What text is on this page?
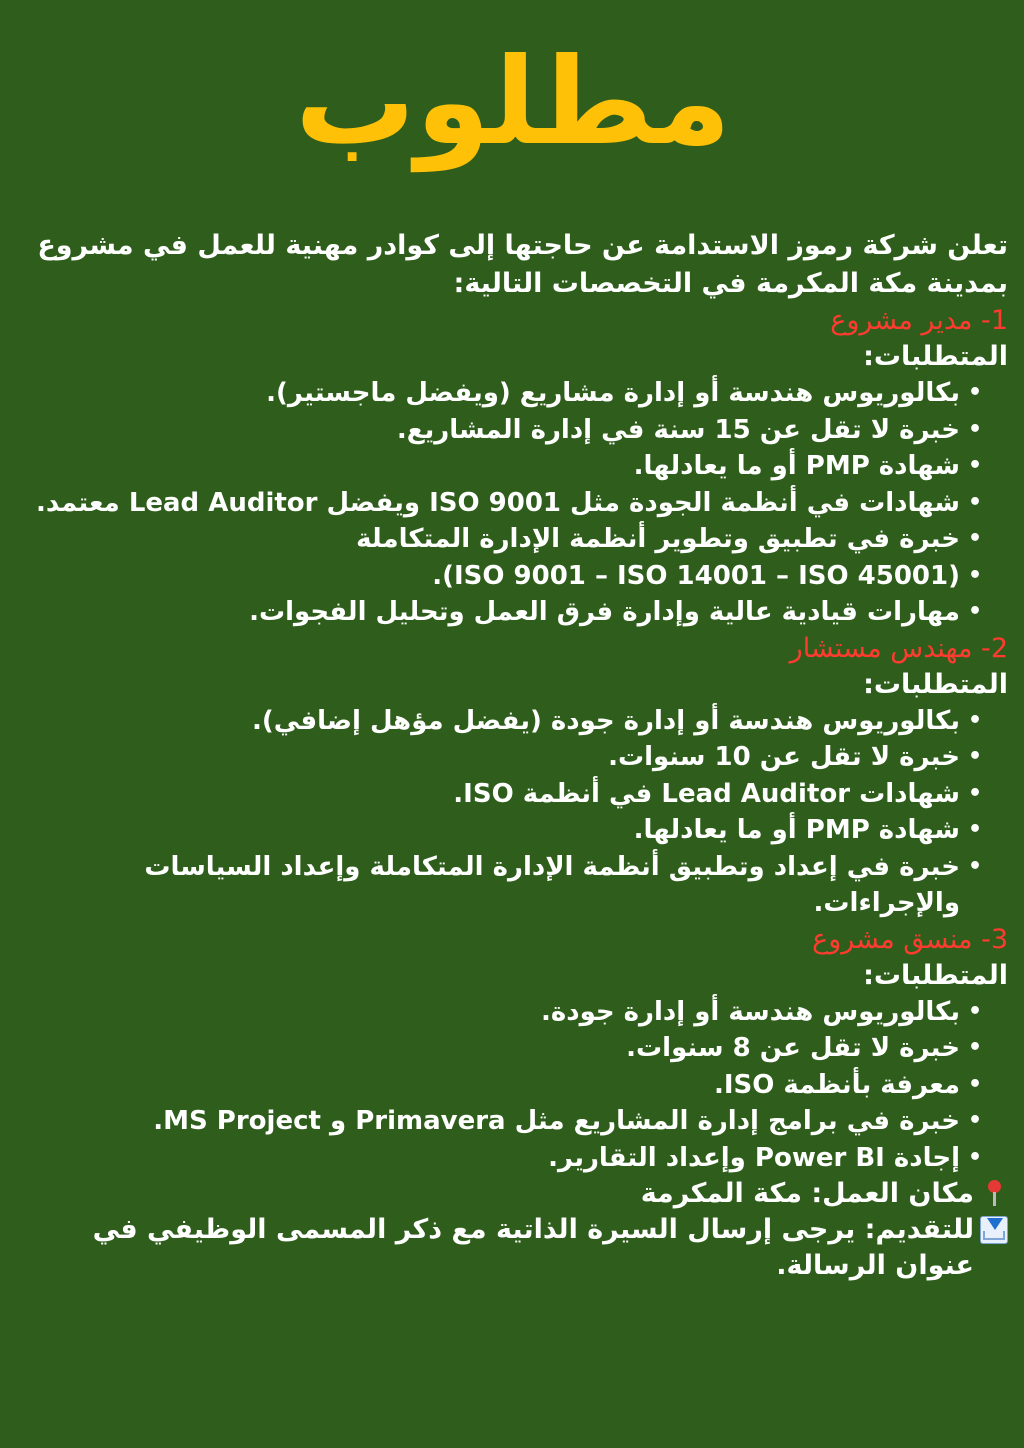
مطلوب

تعلن شركة رموز الاستدامة عن حاجتها إلى كوادر مهنية للعمل في مشروع بمدينة مكة المكرمة في التخصصات التالية:

1- مدير مشروع

المتطلبات:

•
بكالوريوس هندسة أو إدارة مشاريع (ويفضل ماجستير).
•
خبرة لا تقل عن 15 سنة في إدارة المشاريع.
•
شهادة PMP أو ما يعادلها.
•
شهادات في أنظمة الجودة مثل ISO 9001 ويفضل Lead Auditor معتمد.
•
خبرة في تطبيق وتطوير أنظمة الإدارة المتكاملة
•
(ISO 9001 – ISO 14001 – ISO 45001).
•
مهارات قيادية عالية وإدارة فرق العمل وتحليل الفجوات.

2- مهندس مستشار

المتطلبات:

•
بكالوريوس هندسة أو إدارة جودة (يفضل مؤهل إضافي).
•
خبرة لا تقل عن 10 سنوات.
•
شهادات Lead Auditor في أنظمة ISO.
•
شهادة PMP أو ما يعادلها.
•
خبرة في إعداد وتطبيق أنظمة الإدارة المتكاملة وإعداد السياسات والإجراءات.

3- منسق مشروع

المتطلبات:

•
بكالوريوس هندسة أو إدارة جودة.
•
خبرة لا تقل عن 8 سنوات.
•
معرفة بأنظمة ISO.
•
خبرة في برامج إدارة المشاريع مثل Primavera و MS Project.
•
إجادة Power BI وإعداد التقارير.

مكان العمل: مكة المكرمة

للتقديم: يرجى إرسال السيرة الذاتية مع ذكر المسمى الوظيفي في عنوان الرسالة.
